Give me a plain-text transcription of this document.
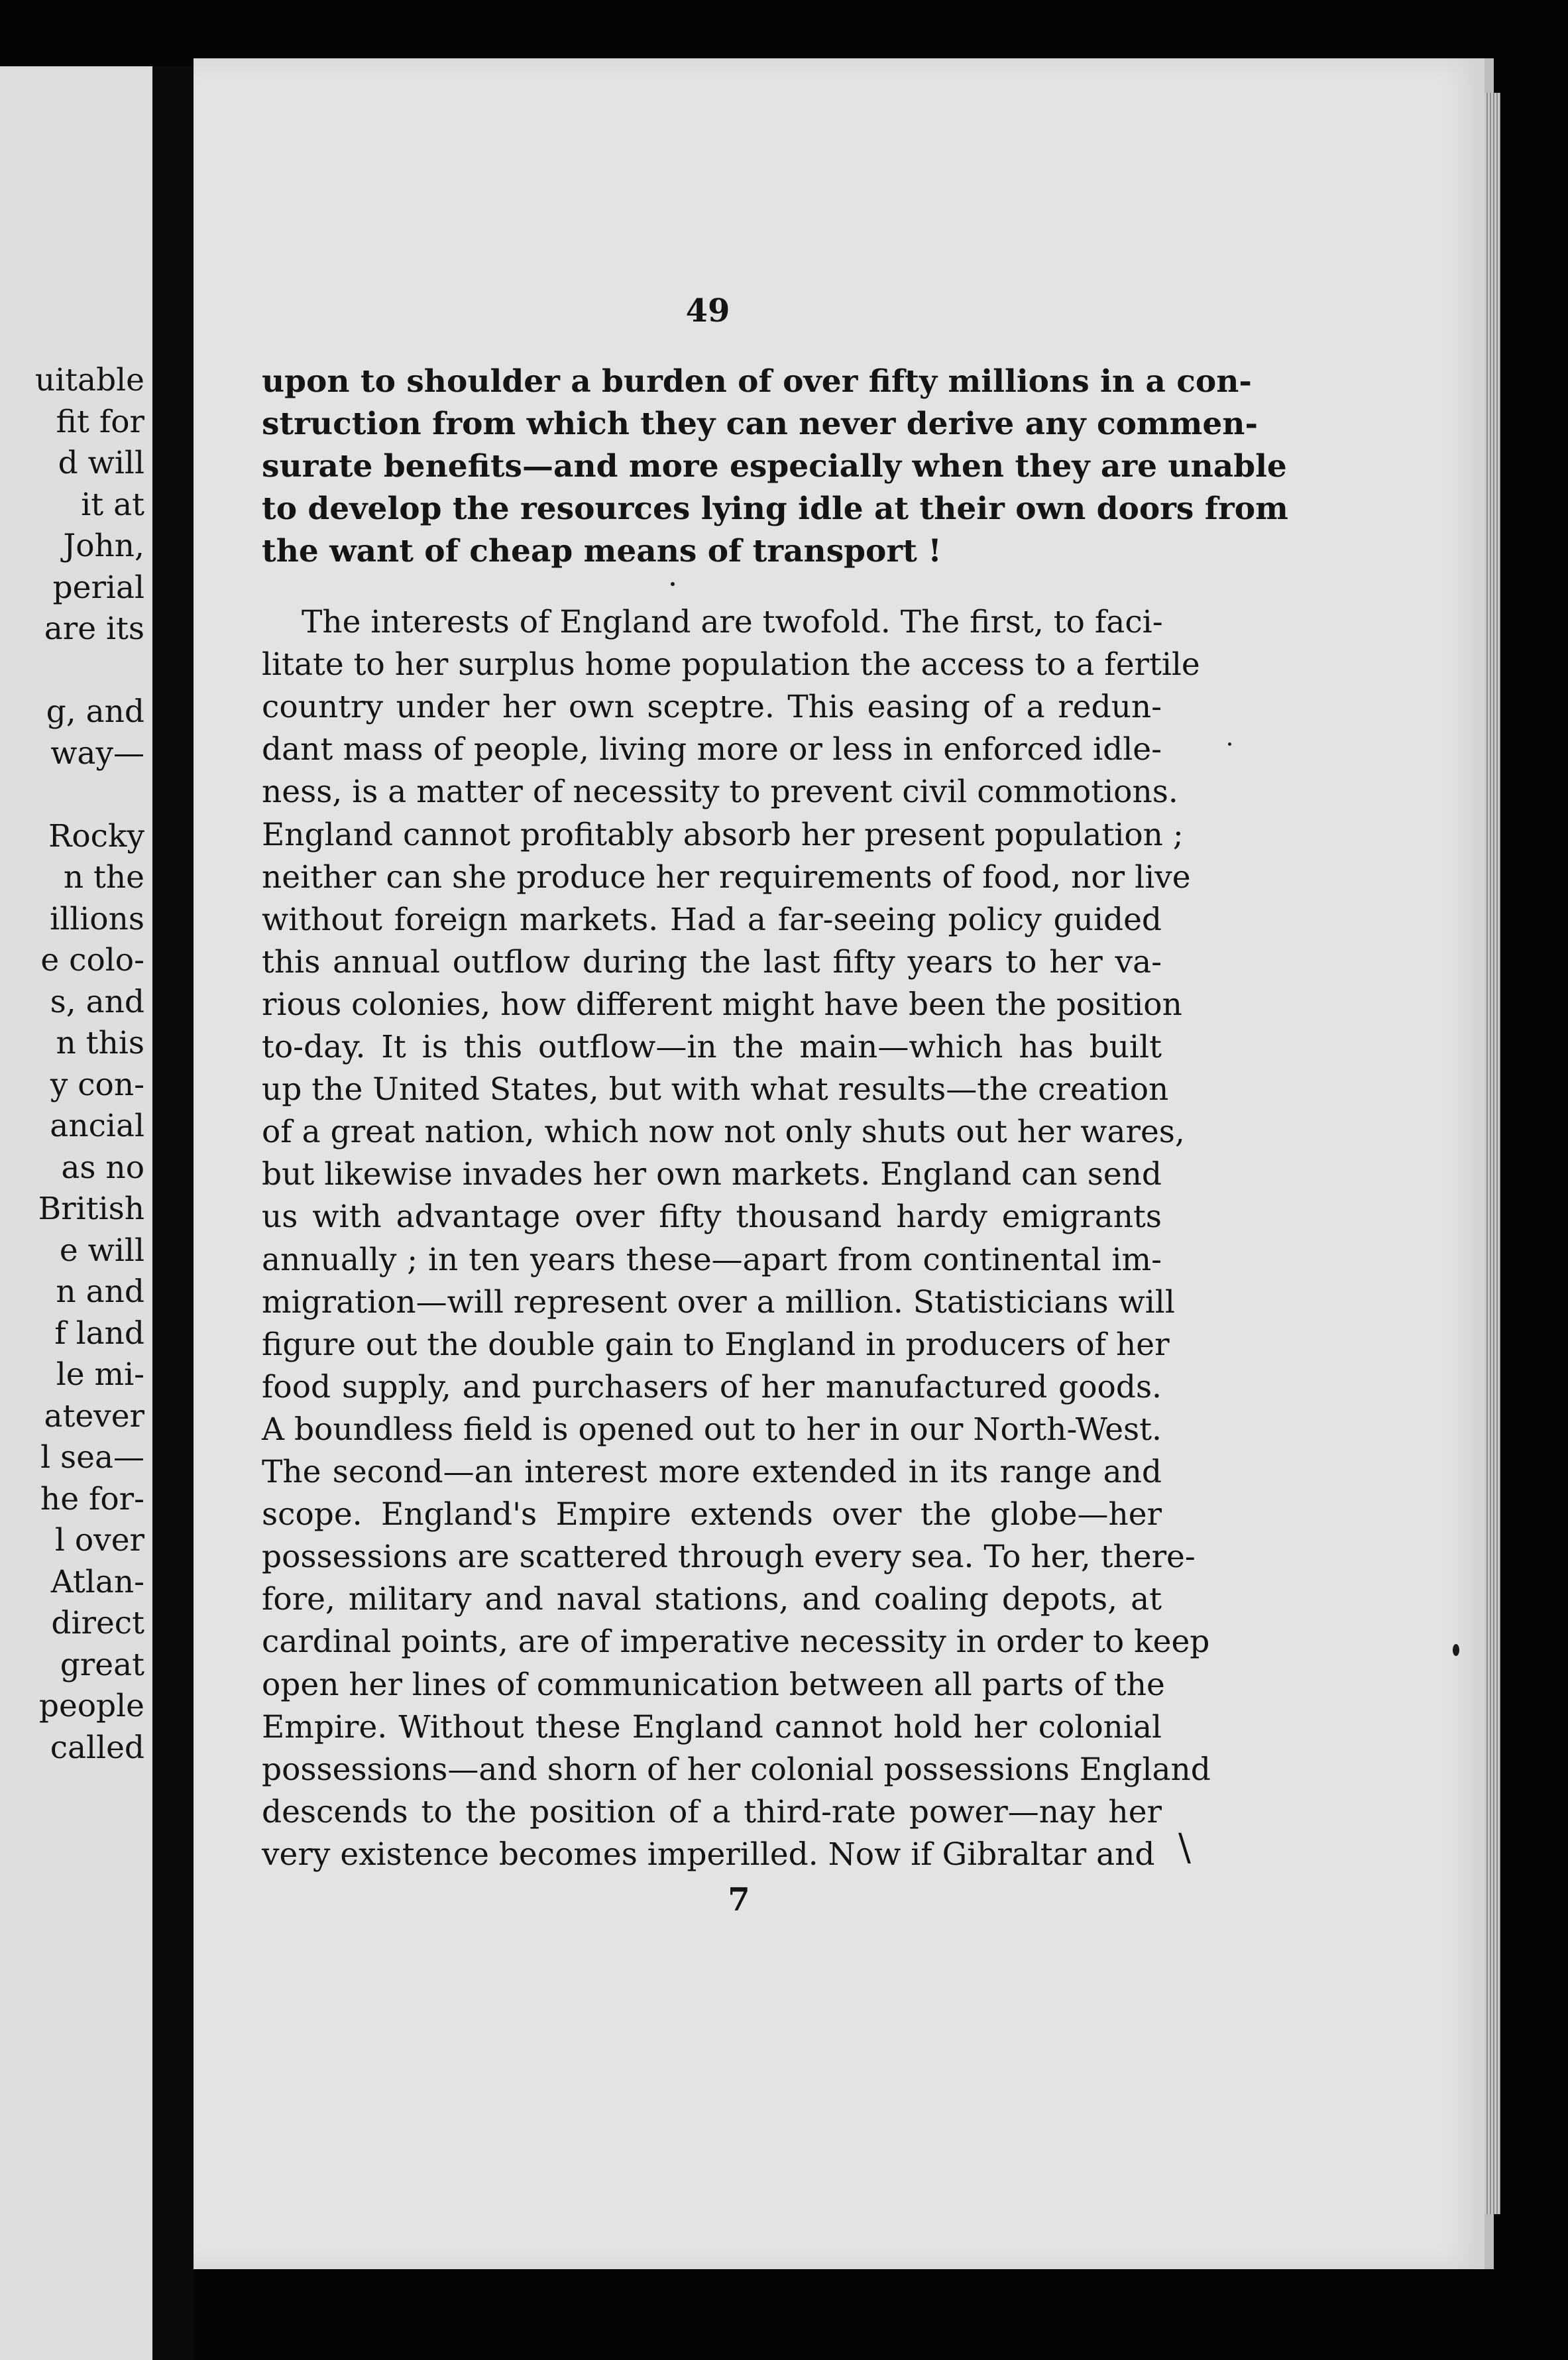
uitable
fit for
d will
it at
John,
perial
are its
g, and
way—
Rocky
n the
illions
e colo-
s, and
n this
y con-
ancial
as no
British
e will
n and
f land
le mi-
atever
l sea—
he for-
l over
Atlan-
direct
great
people
called
49
upon to shoulder a burden of over fifty millions in a con-
struction from which they can never derive any commen-
surate benefits—and more especially when they are unable
to develop the resources lying idle at their own doors from
the want of cheap means of transport !
The interests of England are twofold. The first, to faci-
litate to her surplus home population the access to a fertile
country under her own sceptre. This easing of a redun-
dant mass of people, living more or less in enforced idle-
ness, is a matter of necessity to prevent civil commotions.
England cannot profitably absorb her present population ;
neither can she produce her requirements of food, nor live
without foreign markets. Had a far-seeing policy guided
this annual outflow during the last fifty years to her va-
rious colonies, how different might have been the position
to-day. It is this outflow—in the main—which has built
up the United States, but with what results—the creation
of a great nation, which now not only shuts out her wares,
but likewise invades her own markets. England can send
us with advantage over fifty thousand hardy emigrants
annually ; in ten years these—apart from continental im-
migration—will represent over a million. Statisticians will
figure out the double gain to England in producers of her
food supply, and purchasers of her manufactured goods.
A boundless field is opened out to her in our North-West.
The second—an interest more extended in its range and
scope. England's Empire extends over the globe—her
possessions are scattered through every sea. To her, there-
fore, military and naval stations, and coaling depots, at
cardinal points, are of imperative necessity in order to keep
open her lines of communication between all parts of the
Empire. Without these England cannot hold her colonial
possessions—and shorn of her colonial possessions England
descends to the position of a third-rate power—nay her
very existence becomes imperilled. Now if Gibraltar and \
7
